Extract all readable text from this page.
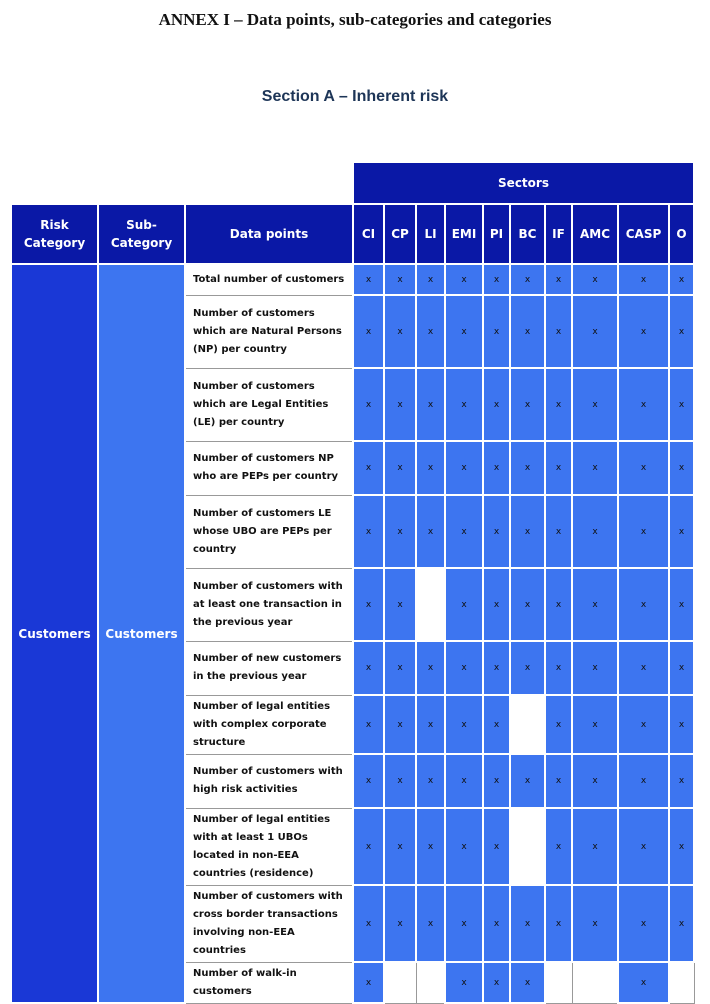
ANNEX I – Data points, sub-categories and categories
Section A – Inherent risk
			Sectors									
Risk Category	Sub-Category	Data points	CI	CP	LI	EMI	PI	BC	IF	AMC	CASP	O
Customers	Customers	Total number of customers	x	x	x	x	x	x	x	x	x	x
		Number of customers which are Natural Persons (NP) per country	x	x	x	x	x	x	x	x	x	x
		Number of customers which are Legal Entities (LE) per country	x	x	x	x	x	x	x	x	x	x
		Number of customers NP who are PEPs per country	x	x	x	x	x	x	x	x	x	x
		Number of customers LE whose UBO are PEPs per country	x	x	x	x	x	x	x	x	x	x
		Number of customers with at least one transaction in the previous year	x	x		x	x	x	x	x	x	x
		Number of new customers in the previous year	x	x	x	x	x	x	x	x	x	x
		Number of legal entities with complex corporate structure	x	x	x	x	x		x	x	x	x
		Number of customers with high risk activities	x	x	x	x	x	x	x	x	x	x
		Number of legal entities with at least 1 UBOs located in non-EEA countries (residence)	x	x	x	x	x		x	x	x	x
		Number of customers with cross border transactions involving non-EEA countries	x	x	x	x	x	x	x	x	x	x
		Number of walk-in customers	x			x	x	x			x	
